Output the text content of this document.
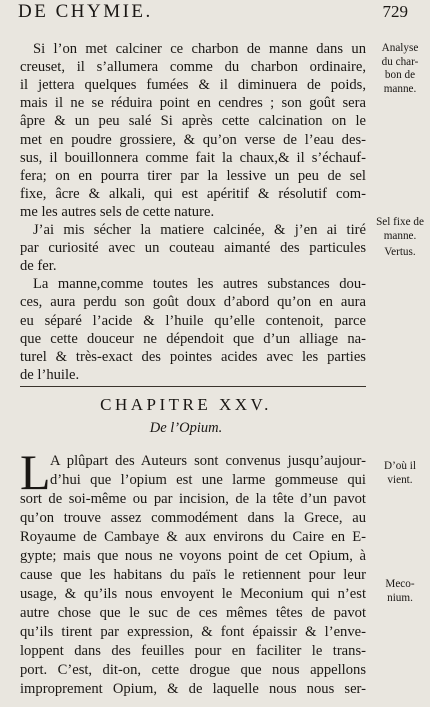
DE CHYMIE.	729
Si l’on met calciner ce charbon de manne dans un
creuset, il s’allumera comme du charbon ordinaire,
il jettera quelques fumées & il diminuera de poids,
mais il ne se réduira point en cendres ; son goût sera
âpre & un peu salé Si après cette calcination on le
met en poudre grossiere, & qu’on verse de l’eau des-
sus, il bouillonnera comme fait la chaux,& il s’échauf-
fera; on en pourra tirer par la lessive un peu de sel
fixe, âcre & alkali, qui est apéritif & résolutif com-
me les autres sels de cette nature.
J’ai mis sécher la matiere calcinée, & j’en ai tiré
par curiosité avec un couteau aimanté des particules
de fer.
La manne,comme toutes les autres substances dou-
ces, aura perdu son goût doux d’abord qu’on en aura
eu séparé l’acide & l’huile qu’elle contenoit, parce
que cette douceur ne dépendoit que d’un alliage na-
turel & très-exact des pointes acides avec les parties
CHAPITRE XXV.
De l’Opium.
L A plûpart des Auteurs sont convenus jusqu’aujour-
d’hui que l’opium est une larme gommeuse qui
sort de soi-même ou par incision, de la tête d’un pavot
qu’on trouve assez commodément dans la Grece, au
Royaume de Cambaye & aux environs du Caire en E-
gypte; mais que nous ne voyons point de cet Opium, à
cause que les habitans du païs le retiennent pour leur
usage, & qu’ils nous envoyent le Meconium qui n’est
autre chose que le suc de ces mêmes têtes de pavot
qu’ils tirent par expression, & font épaissir & l’enve-
loppent dans des feuilles pour en faciliter le trans-
port. C’est, dit-on, cette drogue que nous appellons
improprement Opium, & de laquelle nous nous ser-
Analyse
du char-
bon de
manne.
Sel fixe de
manne.
Vertus.
D’où il
vient.
Meco-
nium.
de l’huile.
